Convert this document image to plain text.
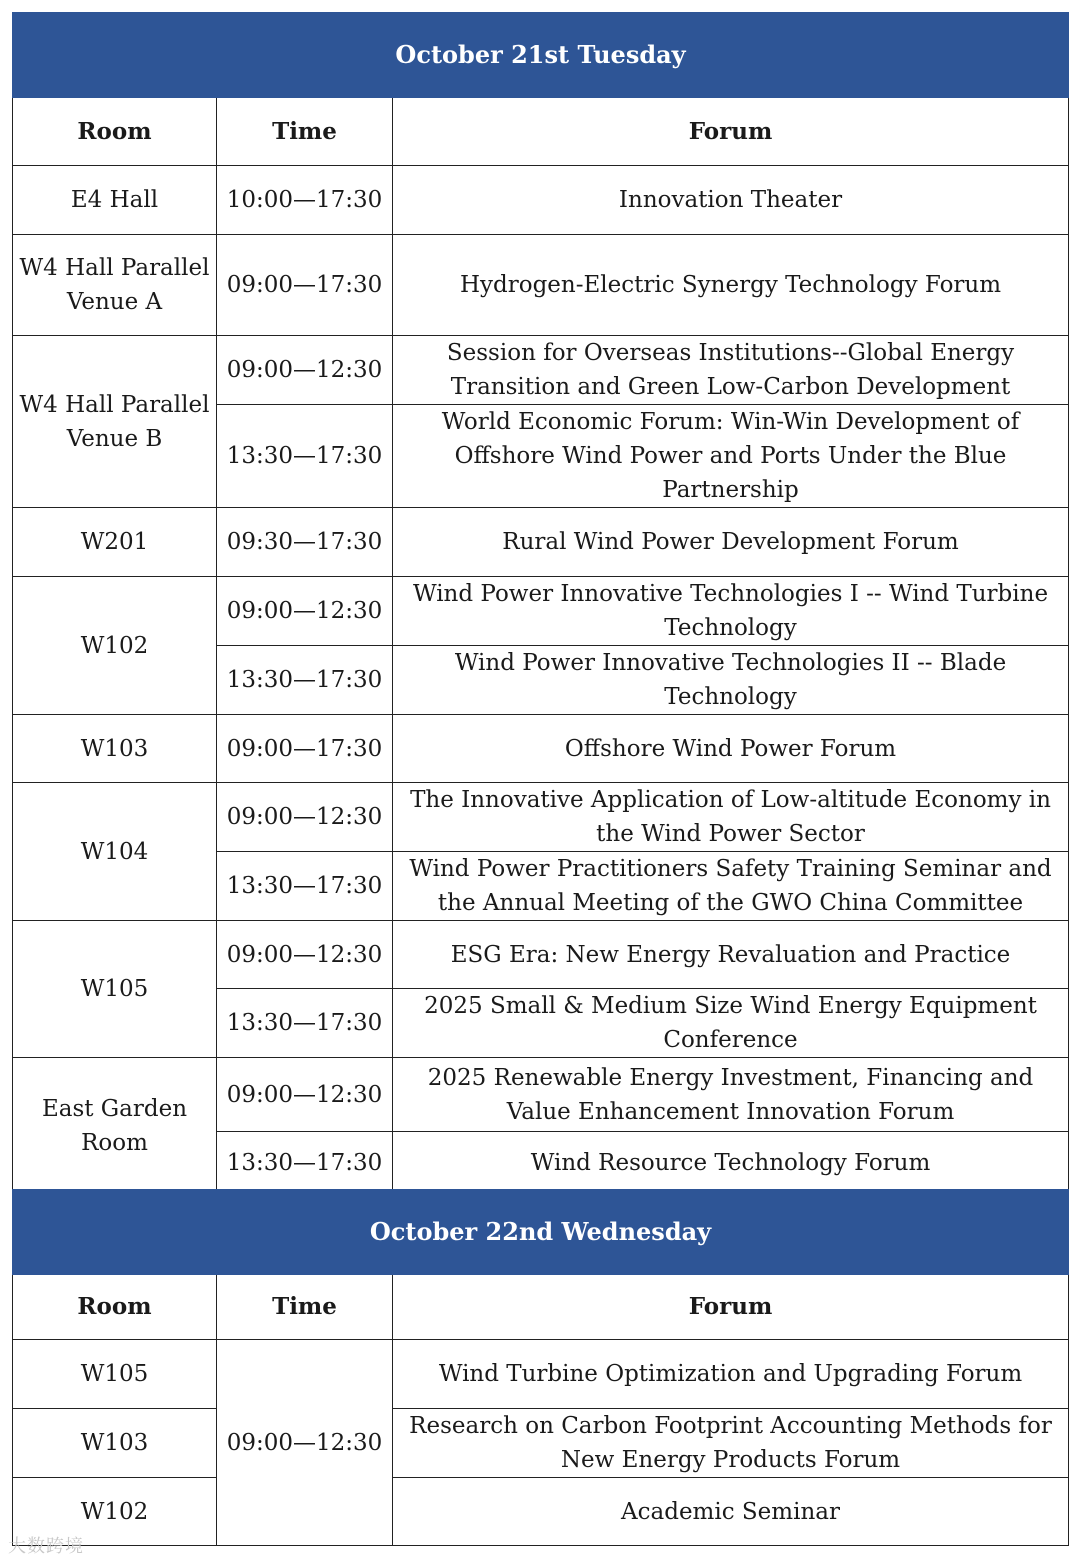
October 21st Tuesday		
Room	Time	Forum
E4 Hall	10:00—17:30	Innovation Theater
W4 Hall Parallel Venue A	09:00—17:30	Hydrogen-Electric Synergy Technology Forum
W4 Hall Parallel Venue B	09:00—12:30	Session for Overseas Institutions--Global Energy Transition and Green Low-Carbon Development
	13:30—17:30	World Economic Forum: Win-Win Development of Offshore Wind Power and Ports Under the Blue Partnership
W201	09:30—17:30	Rural Wind Power Development Forum
W102	09:00—12:30	Wind Power Innovative Technologies I -- Wind Turbine Technology
	13:30—17:30	Wind Power Innovative Technologies II -- Blade Technology
W103	09:00—17:30	Offshore Wind Power Forum
W104	09:00—12:30	The Innovative Application of Low-altitude Economy in the Wind Power Sector
	13:30—17:30	Wind Power Practitioners Safety Training Seminar and the Annual Meeting of the GWO China Committee
W105	09:00—12:30	ESG Era: New Energy Revaluation and Practice
	13:30—17:30	2025 Small & Medium Size Wind Energy Equipment Conference
East Garden Room	09:00—12:30	2025 Renewable Energy Investment, Financing and Value Enhancement Innovation Forum
	13:30—17:30	Wind Resource Technology Forum
October 22nd Wednesday		
Room	Time	Forum
W105	09:00—12:30	Wind Turbine Optimization and Upgrading Forum
W103		Research on Carbon Footprint Accounting Methods for New Energy Products Forum
W102		Academic Seminar
大数跨境
